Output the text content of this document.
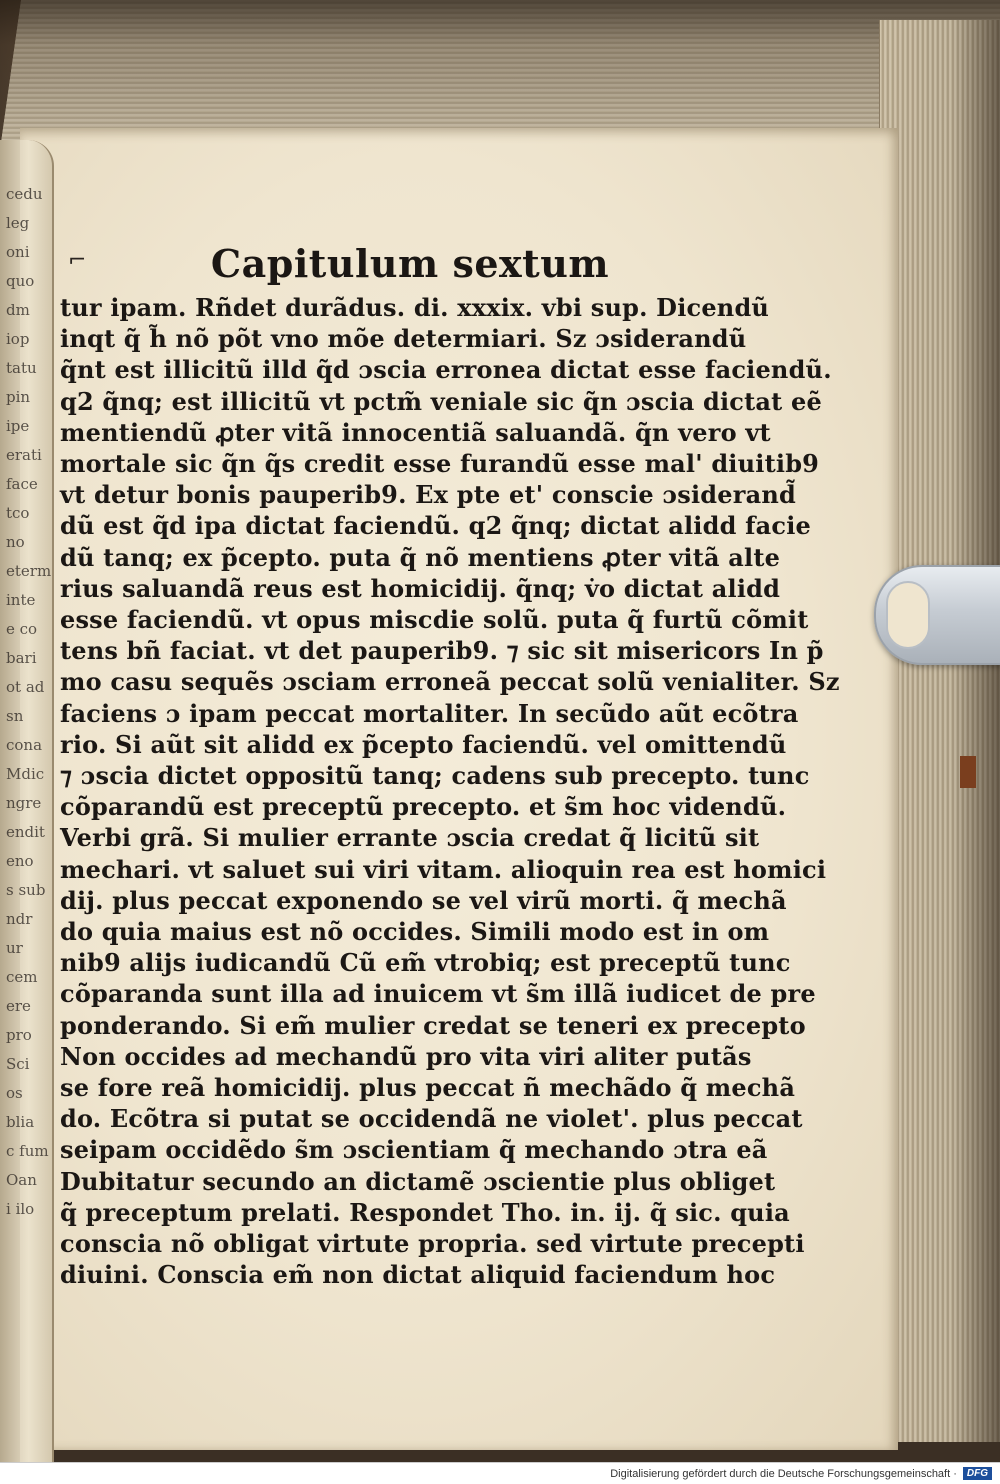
cedu
leg
oni
quo
dm
iop
tatu
pin
ipe
erati
face
tco
no
eterm
inte
e co
bari
ot ad
sn
cona
Mdic
ngre
endit
eno
s sub
ndr
ur
cem
ere
pro
Sci
os
blia
c fum
Oan
i ilo
⌐	Capitulum sextum
tur ipam. Rñdet durãdus. di. xxxix. vbi sup. Dicendũ
inqt q̃ h̃ nõ põt vno mõe determiari. Sz ɔsiderandũ
q̃nt est illicitũ illd q̃d ɔscia erronea dictat esse faciendũ.
q2 q̃nq; est illicitũ vt pctm̃ veniale sic q̃n ɔscia dictat eẽ
mentiendũ ꝓter vitã innocentiã saluandã. q̃n vero vt
mortale sic q̃n q̃s credit esse furandũ esse mal' diuitib9
vt detur bonis pauperib9. Ex pte et' conscie ɔsiderand̃
dũ est q̃d ipa dictat faciendũ. q2 q̃nq; dictat alidd facie
dũ tanq; ex p̃cepto. puta q̃ nõ mentiens ꝓter vitã alte
rius saluandã reus est homicidij. q̃nq; v̇o dictat alidd
esse faciendũ. vt opus miscdie solũ. puta q̃ furtũ cõmit
tens bñ faciat. vt det pauperib9. ⁊ sic sit misericors In p̃
mo casu sequẽs ɔsciam erroneã peccat solũ venialiter. Sz
faciens ɔ ipam peccat mortaliter. In secũdo aũt ecõtra
rio. Si aũt sit alidd ex p̃cepto faciendũ. vel omittendũ
⁊ ɔscia dictet oppositũ tanq; cadens sub precepto. tunc
cõparandũ est preceptũ precepto. et s̃m hoc videndũ.
Verbi grã. Si mulier errante ɔscia credat q̃ licitũ sit
mechari. vt saluet sui viri vitam. alioquin rea est homici
dij. plus peccat exponendo se vel virũ morti. q̃ mechã
do quia maius est nõ occides. Simili modo est in om
nib9 alijs iudicandũ Cũ em̃ vtrobiq; est preceptũ tunc
cõparanda sunt illa ad inuicem vt s̃m illã iudicet de pre
ponderando. Si em̃ mulier credat se teneri ex precepto
Non occides ad mechandũ pro vita viri aliter putãs
se fore reã homicidij. plus peccat ñ mechãdo q̃ mechã
do. Ecõtra si putat se occidendã ne violet'. plus peccat
seipam occidẽdo s̃m ɔscientiam q̃ mechando ɔtra eã
Dubitatur secundo an dictamẽ ɔscientie plus obliget
q̃ preceptum prelati. Respondet Tho. in. ij. q̃ sic. quia
conscia nõ obligat virtute propria. sed virtute precepti
diuini. Conscia em̃ non dictat aliquid faciendum hoc
Digitalisierung gefördert durch die Deutsche Forschungsgemeinschaft ·	DFG
